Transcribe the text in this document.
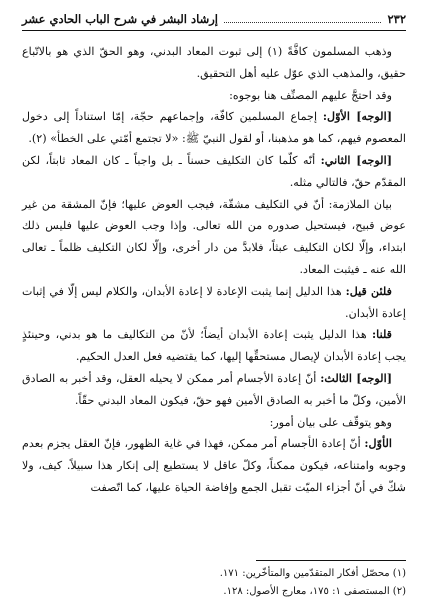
٢٣٢
إرشاد البشر في شرح الباب الحادي عشر

وذهب المسلمون كافَّةً (١) إلى ثبوت المعاد البدني، وهو الحقّ الذي هو بالاتّباع حقيق، والمذهب الذي عوّل عليه أهل التحقيق.

وقد احتجَّ عليهم المصنِّف هنا بوجوه:

[الوجه] الأوّل: إجماع المسلمين كافّة، وإجماعهم حجّة، إمّا استناداً إلى دخول المعصوم فيهم، كما هو مذهبنا، أو لقول النبيّ ﷺ: «لا تجتمع أمّتي على الخطأ» (٢).

[الوجه] الثاني: أنّه كلّما كان التكليف حسناً ـ بل واجباً ـ كان المعاد ثابتاً، لكن المقدّم حقّ، فالتالي مثله.

بيان الملازمة: أنّ في التكليف مشقّة، فيجب العوض عليها؛ فإنّ المشقة من غير عوض قبيح، فيستحيل صدوره من الله تعالى. وإذا وجب العوض عليها فليس ذلك ابتداء، وإلّا لكان التكليف عبثاً، فلابدَّ من دار أخرى، وإلّا لكان التكليف ظلماً ـ تعالى الله عنه ـ فيثبت المعاد.

فلئن قيل: هذا الدليل إنما يثبت الإعادة لا إعادة الأبدان، والكلام ليس إلّا في إثبات إعادة الأبدان.

قلنا: هذا الدليل يثبت إعادة الأبدان أيضاً؛ لأنّ من التكاليف ما هو بدني، وحينئذٍ يجب إعادة الأبدان لإيصال مستحقِّها إليها، كما يقتضيه فعل العدل الحكيم.

[الوجه] الثالث: أنّ إعادة الأجسام أمر ممكن لا يحيله العقل، وقد أخبر به الصادق الأمين، وكلّ ما أخبر به الصادق الأمين فهو حقّ، فيكون المعاد البدني حقّاً.

وهو يتوقّف على بيان أمور:

الأوّل: أنّ إعادة الأجسام أمر ممكن، فهذا في غاية الظهور، فإنّ العقل يجزم بعدم وجوبه وامتناعه، فيكون ممكناً، وكلّ عاقل لا يستطيع إلى إنكار هذا سبيلاً. كيف، ولا شكّ في أنّ أجزاء الميّت تقبل الجمع وإفاضة الحياة عليها، كما اتّصفت

(١) محصّل أفكار المتقدّمين والمتأخّرين: ١٧١.

(٢) المستصفى ١: ١٧٥، معارج الأصول: ١٢٨.
